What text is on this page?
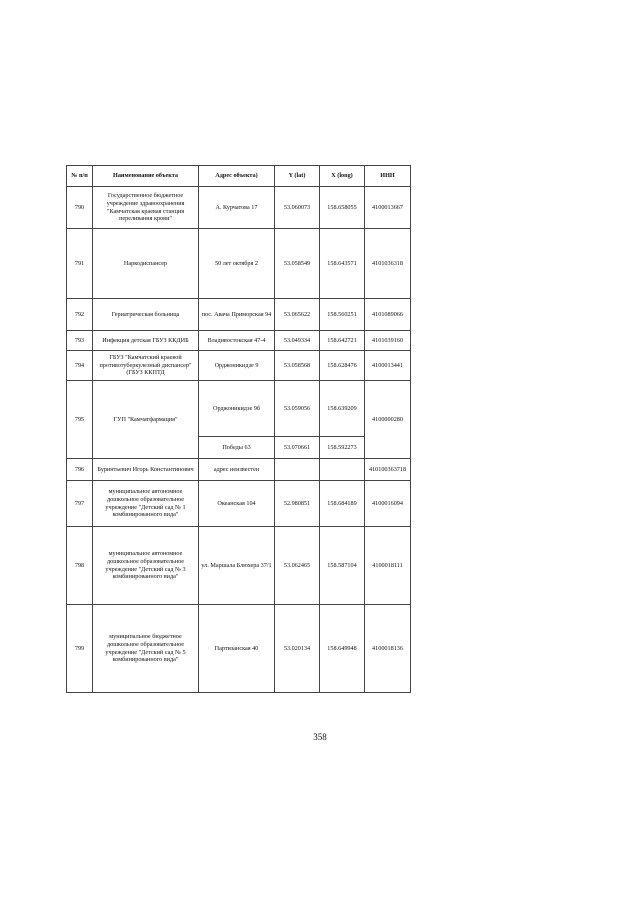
№ п/п	Наименование объекта	Адрес объекта)	Y (lat)	X (long)	ИНН
790	Государственное бюджетное учреждение здравоохранения "Камчатская краевая станция переливания крови"	А. Курчатова 17	53.060073	158.658055	4100013667
791	Наркодиспансер	50 лет октября 2	53.058549	158.643571	4101036318
792	Гериатрическая больница	пос. Авача Приморская 94	53.065622	158.560251	4101089066
793	Инфекция детская ГБУЗ ККДИБ	Владивостокская 47-4	53.049334	158.642721	4101039160
794	ГБУЗ "Камчатский краевой противотуберкулезный диспансер" (ГБУЗ ККПТД	Орджоникидзе 9	53.058568	158.628476	4100013441
795	ГУП "Камчатфармация"	Орджоникидзе 9б	53.059056	158.639209	4100000280
		Победы 63	53.070661	158.592273	
796	Буринтьевич Игорь Константинович	адрес неизвестен			410100363718
797	муниципальное автономное дошкольное образовательное учреждение "Детский сад № 1 комбинированного вида"	Океанская 104	52.980851	158.684189	4100016094
798	муниципальное автономное дошкольное образовательное учреждение "Детский сад № 3 комбинированного вида"	ул. Маршала Блюхера 37/1	53.062465	158.587104	4100018111
799	муниципальное бюджетное дошкольное образовательное учреждение "Детский сад № 5 комбинированного вида"	Партизанская 40	53.020134	158.649948	4100018136
358
